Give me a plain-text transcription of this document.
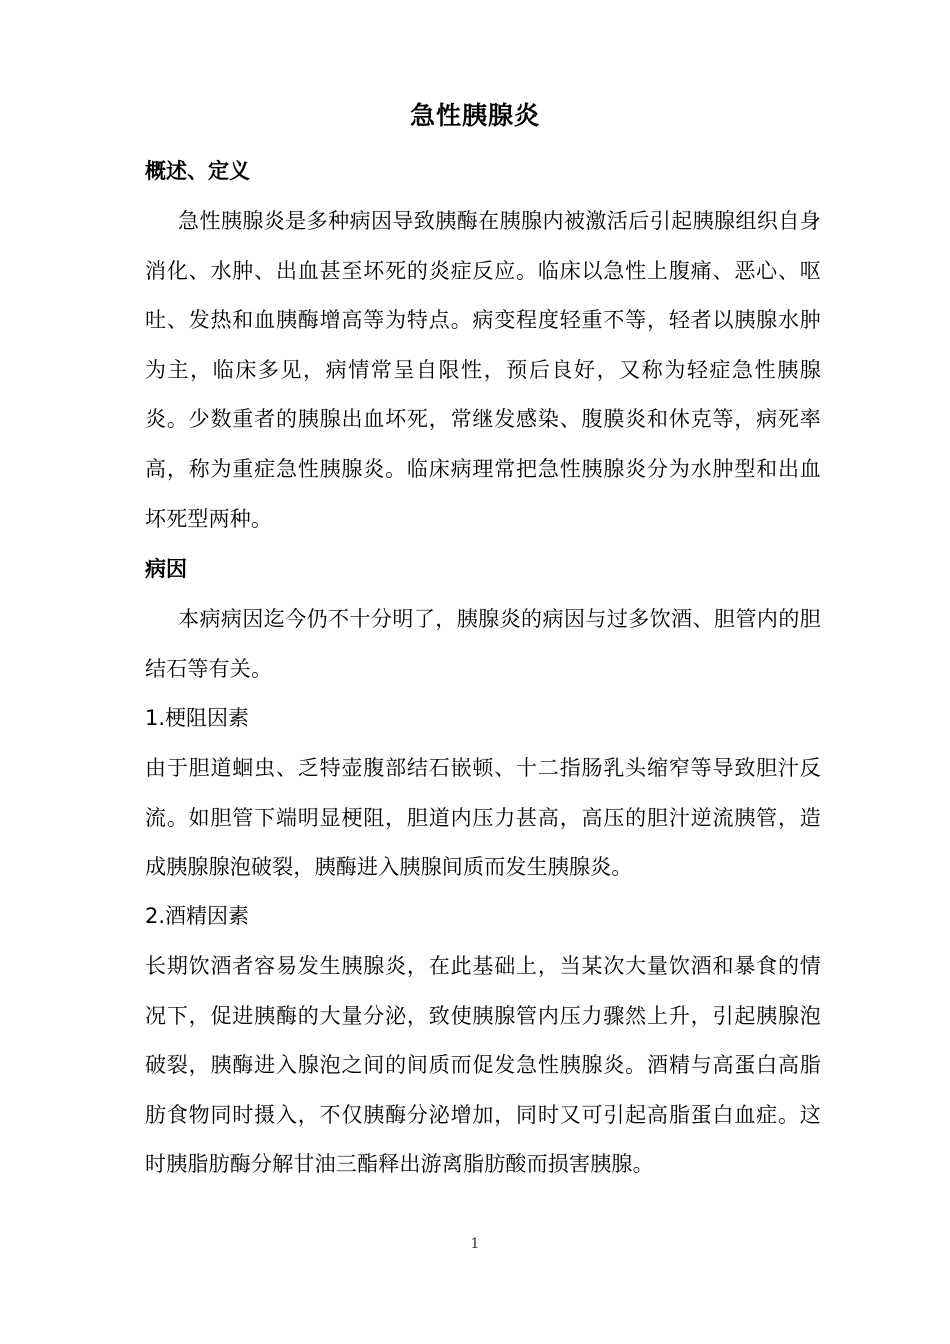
急性胰腺炎
概述、定义
急性胰腺炎是多种病因导致胰酶在胰腺内被激活后引起胰腺组织自身消化、水肿、出血甚至坏死的炎症反应。临床以急性上腹痛、恶心、呕吐、发热和血胰酶增高等为特点。病变程度轻重不等，轻者以胰腺水肿为主，临床多见，病情常呈自限性，预后良好，又称为轻症急性胰腺炎。少数重者的胰腺出血坏死，常继发感染、腹膜炎和休克等，病死率高，称为重症急性胰腺炎。临床病理常把急性胰腺炎分为水肿型和出血坏死型两种。
病因
本病病因迄今仍不十分明了，胰腺炎的病因与过多饮酒、胆管内的胆结石等有关。
1.梗阻因素
由于胆道蛔虫、乏特壶腹部结石嵌顿、十二指肠乳头缩窄等导致胆汁反流。如胆管下端明显梗阻，胆道内压力甚高，高压的胆汁逆流胰管，造成胰腺腺泡破裂，胰酶进入胰腺间质而发生胰腺炎。
2.酒精因素
长期饮酒者容易发生胰腺炎，在此基础上，当某次大量饮酒和暴食的情况下，促进胰酶的大量分泌，致使胰腺管内压力骤然上升，引起胰腺泡破裂，胰酶进入腺泡之间的间质而促发急性胰腺炎。酒精与高蛋白高脂肪食物同时摄入，不仅胰酶分泌增加，同时又可引起高脂蛋白血症。这时胰脂肪酶分解甘油三酯释出游离脂肪酸而损害胰腺。
1
